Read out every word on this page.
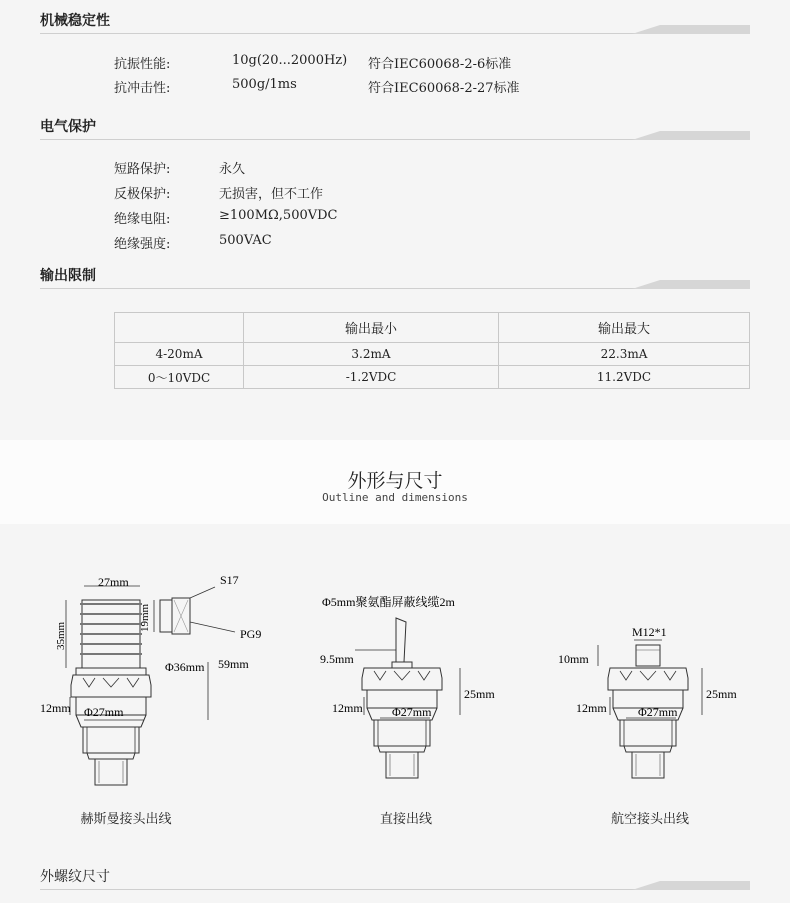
机械稳定性
抗振性能:	10g(20...2000Hz) 符合IEC60068-2-6标准
抗冲击性:	500g/1ms	符合IEC60068-2-27标准
电气保护
短路保护:	永久
反极保护:	无损害，但不工作
绝缘电阻:	≥100MΩ,500VDC
绝缘强度:	500VAC
输出限制
	输出最小	输出最大
4-20mA	3.2mA	22.3mA
0～10VDC	-1.2VDC	11.2VDC
外形与尺寸
Outline and dimensions
27mm	S17
PG9
19mm
35mm
Φ36mm 59mm
12mm Φ27mm
Φ5mm聚氨酯屏蔽线缆2m
9.5mm
25mm
12mm Φ27mm
M12*1
10mm
25mm
12mm	Φ27mm
赫斯曼接头出线	直接出线	航空接头出线
外螺纹尺寸
